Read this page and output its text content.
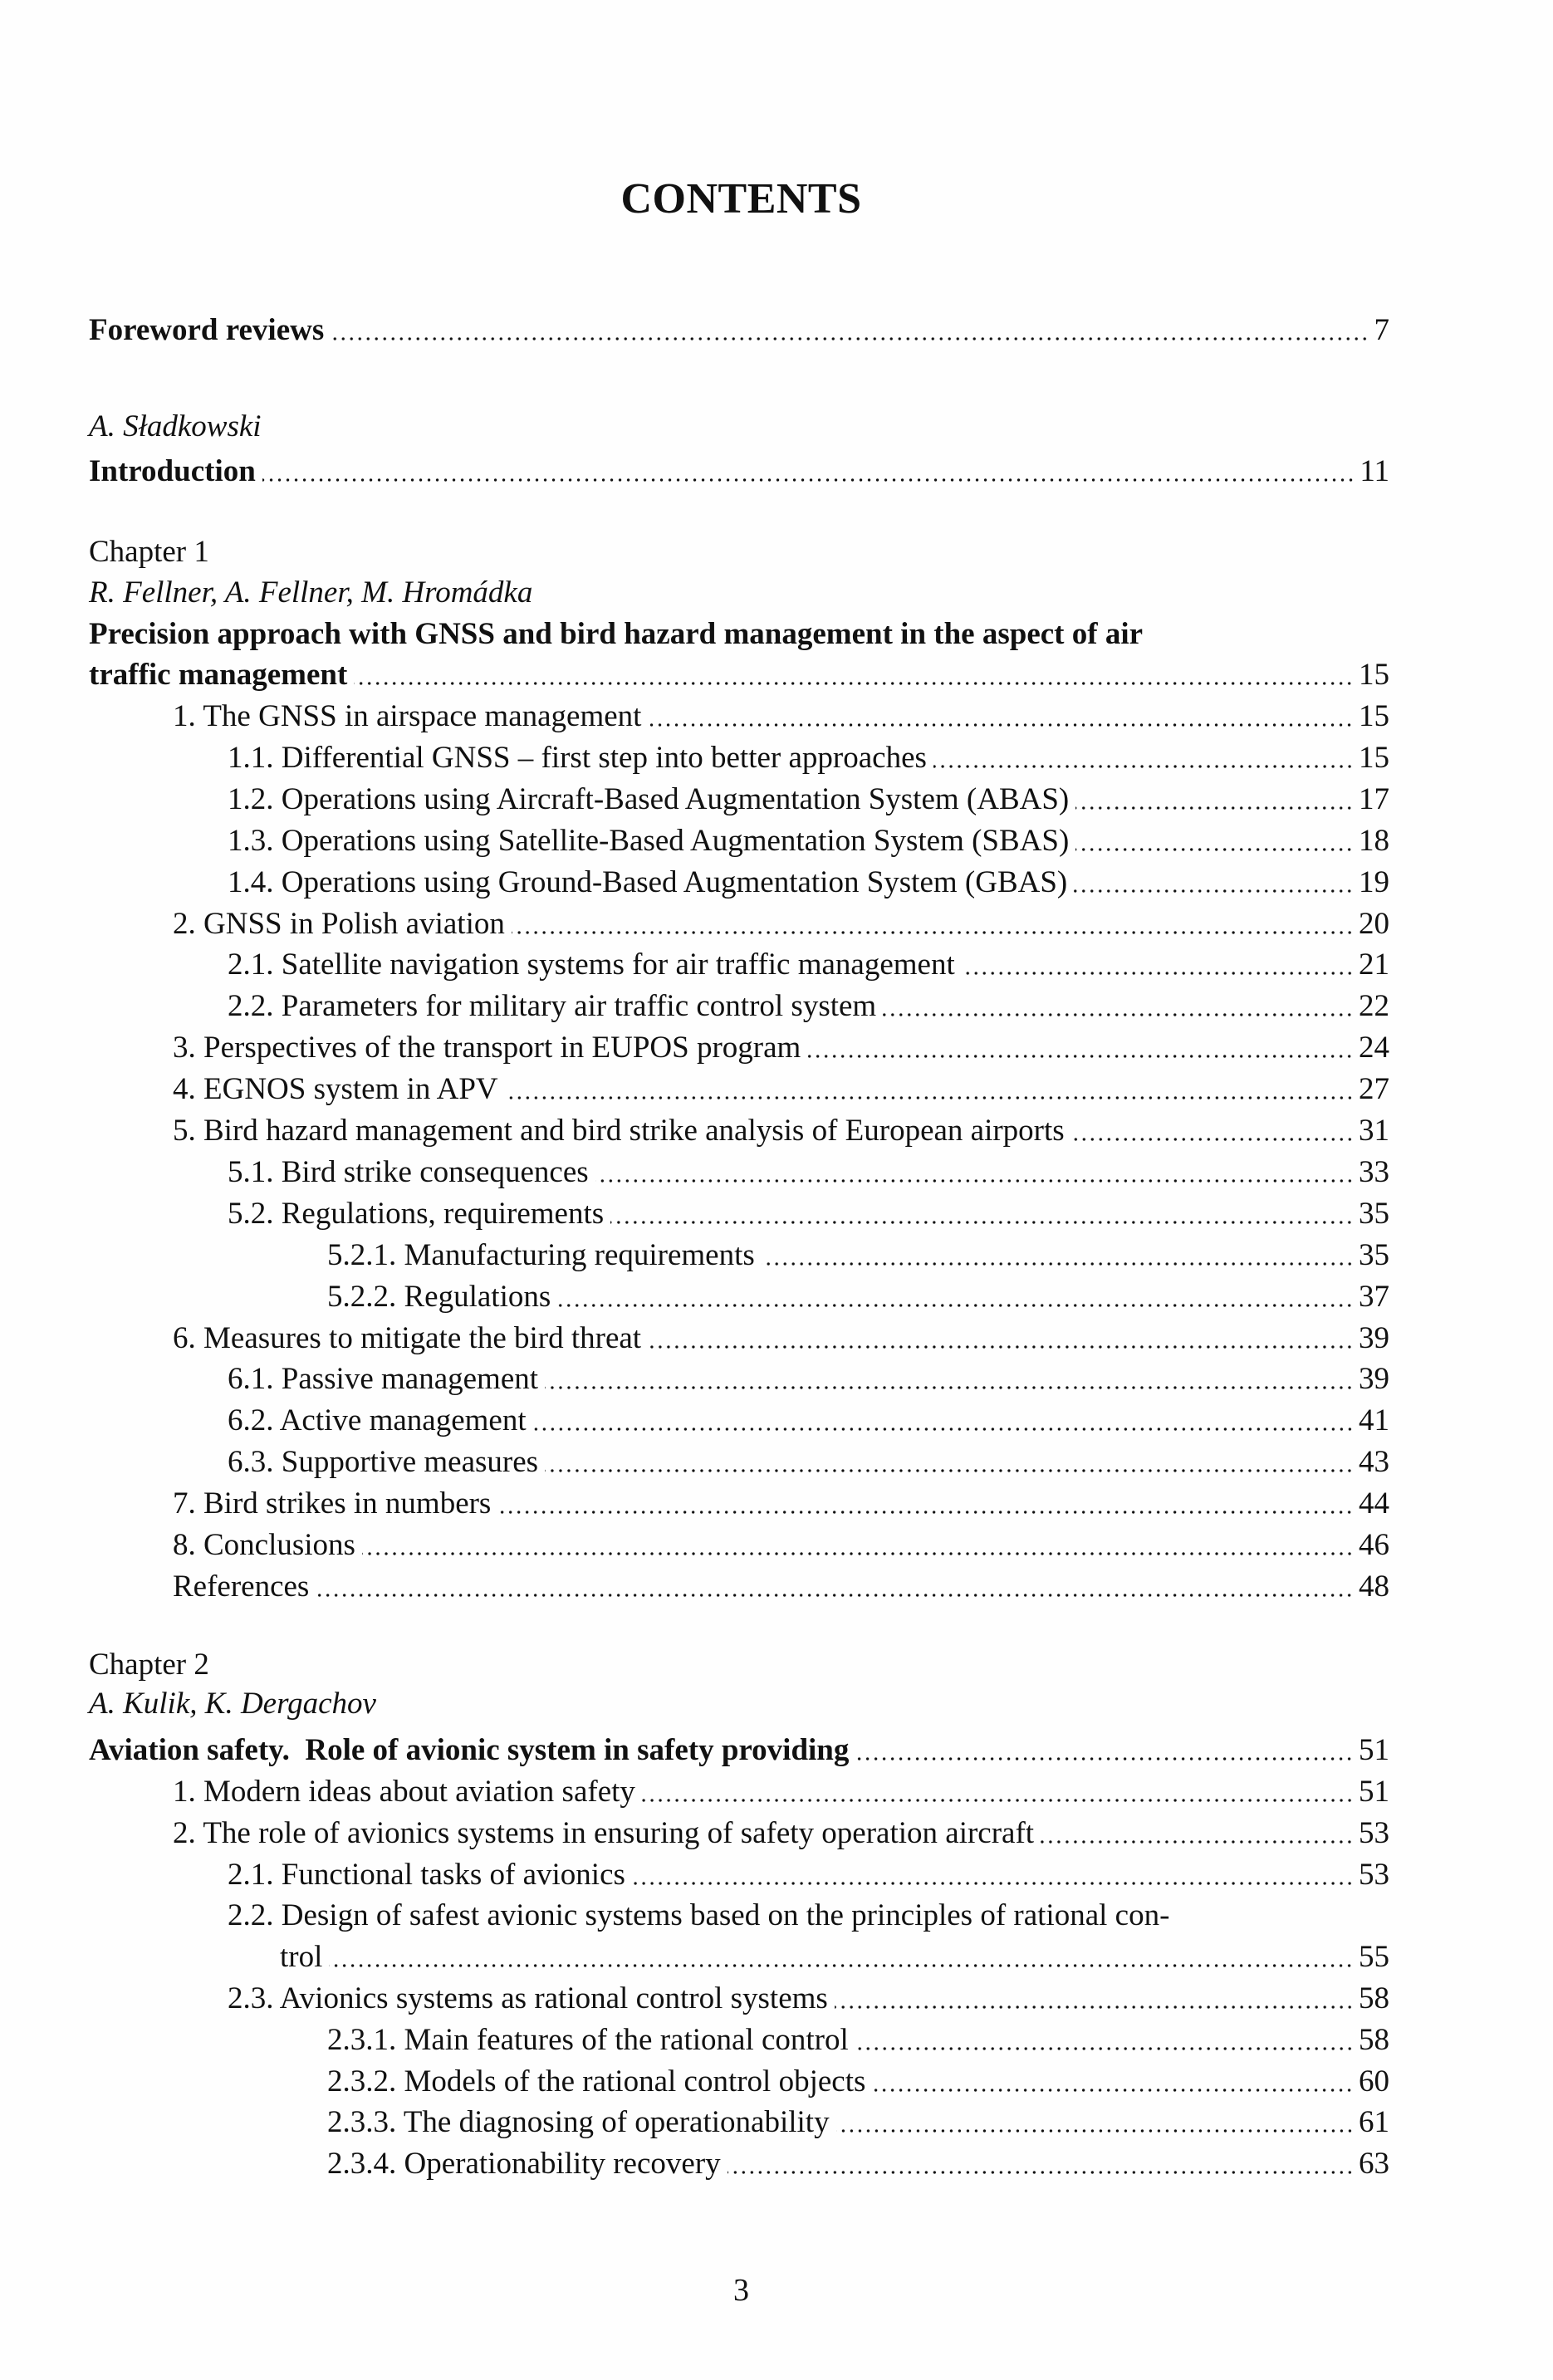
CONTENTS
Foreword reviews	7
A. Sładkowski
Introduction	11
Chapter 1
R. Fellner, A. Fellner, M. Hromádka
Precision approach with GNSS and bird hazard management in the aspect of air
traffic management	15
1. The GNSS in airspace management	15
1.1. Differential GNSS – first step into better approaches	15
1.2. Operations using Aircraft-Based Augmentation System (ABAS)	17
1.3. Operations using Satellite-Based Augmentation System (SBAS)	18
1.4. Operations using Ground-Based Augmentation System (GBAS)	19
2. GNSS in Polish aviation	20
2.1. Satellite navigation systems for air traffic management	21
2.2. Parameters for military air traffic control system	22
3. Perspectives of the transport in EUPOS program	24
4. EGNOS system in APV	27
5. Bird hazard management and bird strike analysis of European airports	31
5.1. Bird strike consequences	33
5.2. Regulations, requirements	35
5.2.1. Manufacturing requirements	35
5.2.2. Regulations	37
6. Measures to mitigate the bird threat	39
6.1. Passive management	39
6.2. Active management	41
6.3. Supportive measures	43
7. Bird strikes in numbers	44
8. Conclusions	46
References	48
Chapter 2
A. Kulik, K. Dergachov
Aviation safety.  Role of avionic system in safety providing	51
1. Modern ideas about aviation safety	51
2. The role of avionics systems in ensuring of safety operation aircraft	53
2.1. Functional tasks of avionics	53
2.2. Design of safest avionic systems based on the principles of rational con-
trol	55
2.3. Avionics systems as rational control systems	58
2.3.1. Main features of the rational control	58
2.3.2. Models of the rational control objects	60
2.3.3. The diagnosing of operationability	61
2.3.4. Operationability recovery	63
3
